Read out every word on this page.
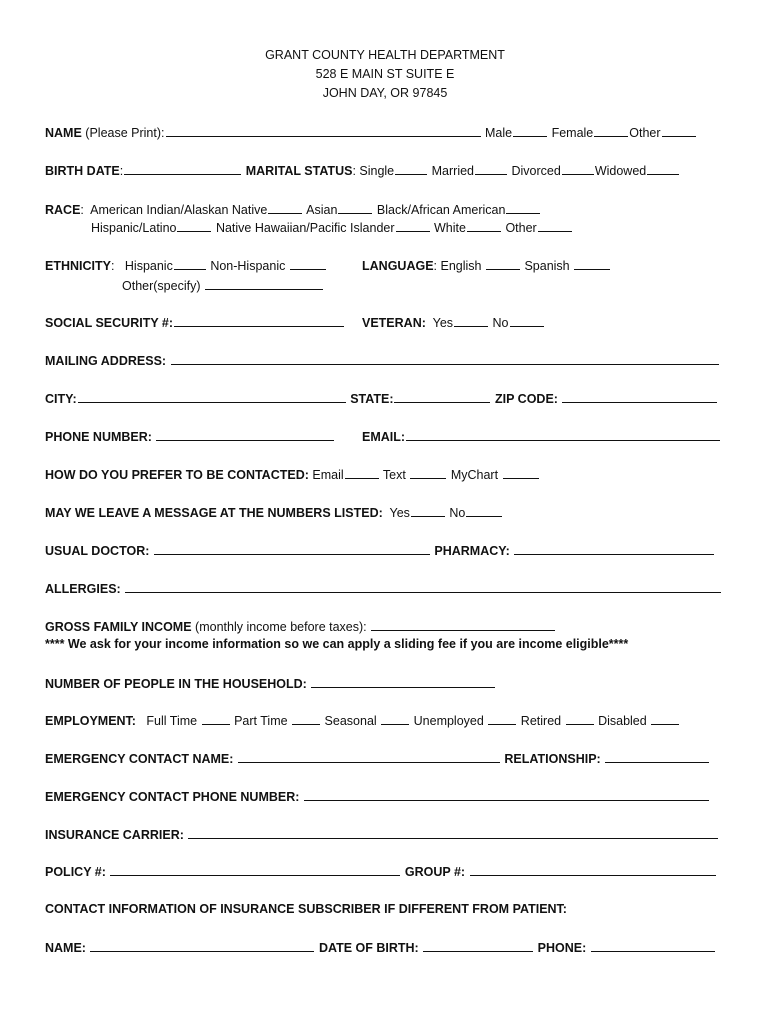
GRANT COUNTY HEALTH DEPARTMENT
528 E MAIN ST SUITE E
JOHN DAY, OR 97845
NAME (Please Print):	Male	Female	Other
BIRTH DATE:	MARITAL STATUS: Single	Married	Divorced	Widowed
RACE:  American Indian/Alaskan Native	Asian	Black/African American
Hispanic/Latino	Native Hawaiian/Pacific Islander	White	Other
ETHNICITY:   Hispanic	Non-Hispanic	LANGUAGE: English	Spanish
Other(specify)
SOCIAL SECURITY #:	VETERAN: Yes	No
MAILING ADDRESS:
CITY:	STATE:	ZIP CODE:
PHONE NUMBER:	EMAIL:
HOW DO YOU PREFER TO BE CONTACTED: Email	Text	MyChart
MAY WE LEAVE A MESSAGE AT THE NUMBERS LISTED: Yes	No
USUAL DOCTOR:	PHARMACY:
ALLERGIES:
GROSS FAMILY INCOME (monthly income before taxes):
**** We ask for your income information so we can apply a sliding fee if you are income eligible****
NUMBER OF PEOPLE IN THE HOUSEHOLD:
EMPLOYMENT: Full Time	Part Time	Seasonal	Unemployed	Retired	Disabled
EMERGENCY CONTACT NAME:	RELATIONSHIP:
EMERGENCY CONTACT PHONE NUMBER:
INSURANCE CARRIER:
POLICY #:	GROUP #:
CONTACT INFORMATION OF INSURANCE SUBSCRIBER IF DIFFERENT FROM PATIENT:
NAME:	DATE OF BIRTH:	PHONE:
